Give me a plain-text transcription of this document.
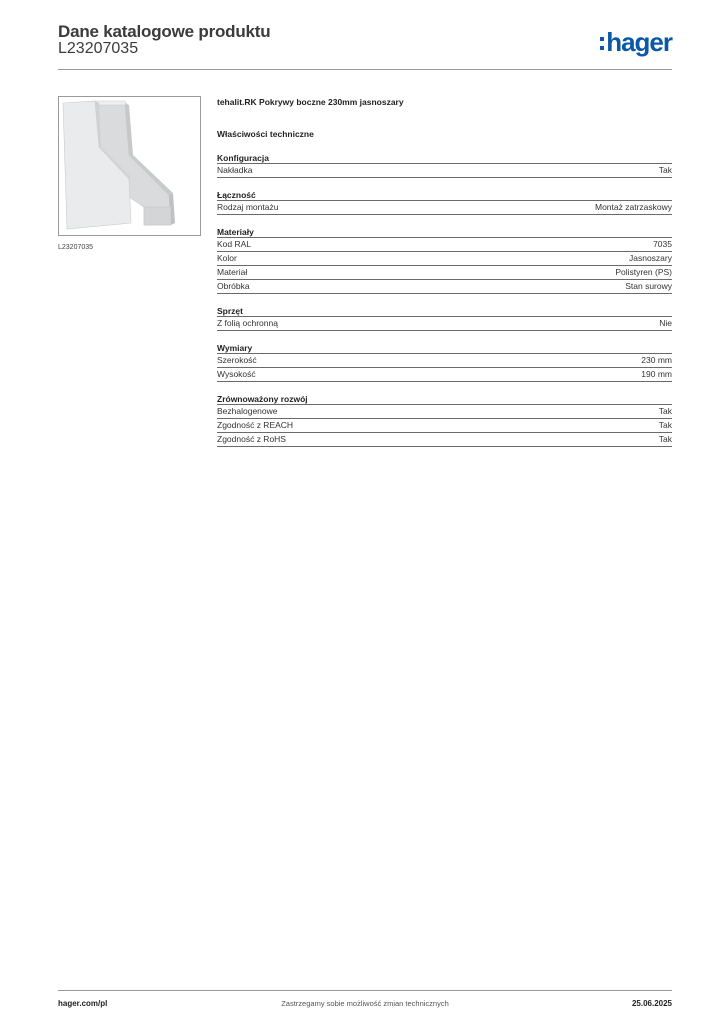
Dane katalogowe produktu
L23207035	hager
L23207035
tehalit.RK Pokrywy boczne 230mm jasnoszary
Właściwości techniczne
Konfiguracja
Nakładka	Tak
Łączność
Rodzaj montażu	Montaż zatrzaskowy
Materiały
Kod RAL	7035
Kolor	Jasnoszary
Materiał	Polistyren (PS)
Obróbka	Stan surowy
Sprzęt
Z folią ochronną	Nie
Wymiary
Szerokość	230 mm
Wysokość	190 mm
Zrównoważony rozwój
Bezhalogenowe	Tak
Zgodność z REACH	Tak
Zgodność z RoHS	Tak
hager.com/pl	Zastrzegamy sobie możliwość zmian technicznych	25.06.2025
